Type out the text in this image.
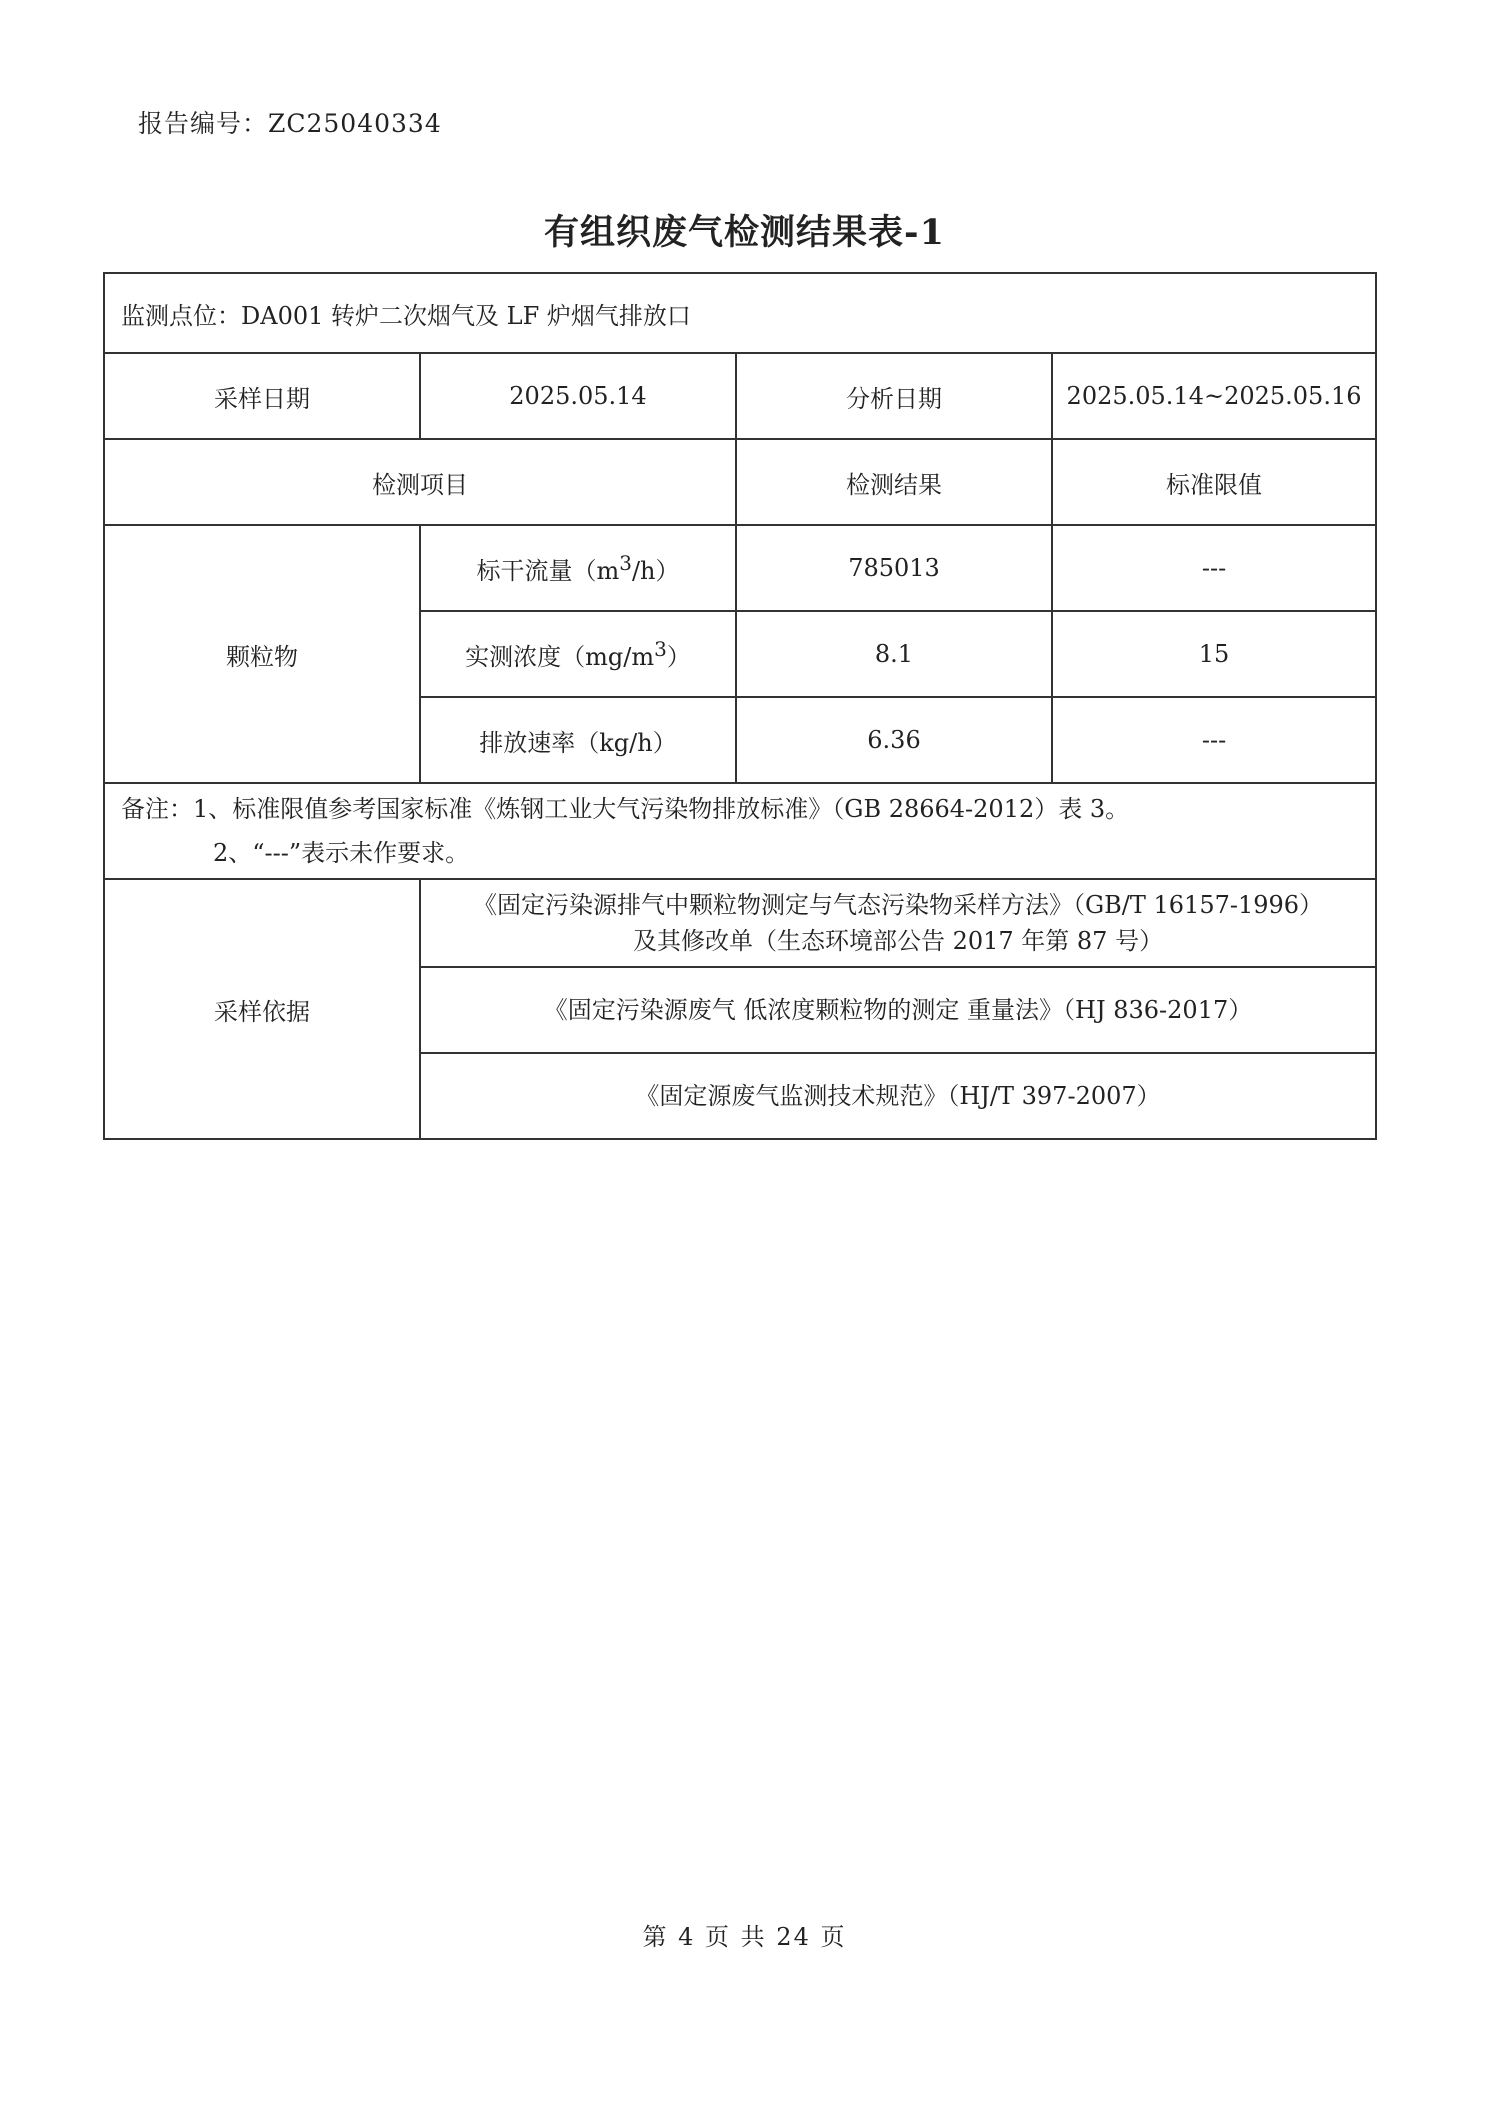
报告编号：ZC25040334
有组织废气检测结果表-1
监测点位：DA001 转炉二次烟气及 LF 炉烟气排放口			
采样日期	2025.05.14	分析日期	2025.05.14~2025.05.16
检测项目		检测结果	标准限值
颗粒物	标干流量$(m^3/h)$	785013	---
	实测浓度$(mg/m^3)$	8.1	15
	排放速率（kg/h）	6.36	---

备注：1、标准限值参考国家标准《炼钢工业大气污染物排放标准》（GB 28664-2012）表 3。
2、“---”表示未作要求。			

采样依据	《固定污染源排气中颗粒物测定与气态污染物采样方法》（GB/T 16157-1996）
及其修改单（生态环境部公告 2017 年第 87 号）		

	《固定污染源废气 低浓度颗粒物的测定 重量法》（HJ 836-2017）		

	《固定源废气监测技术规范》（HJ/T 397-2007）		
第 4 页 共 24 页
